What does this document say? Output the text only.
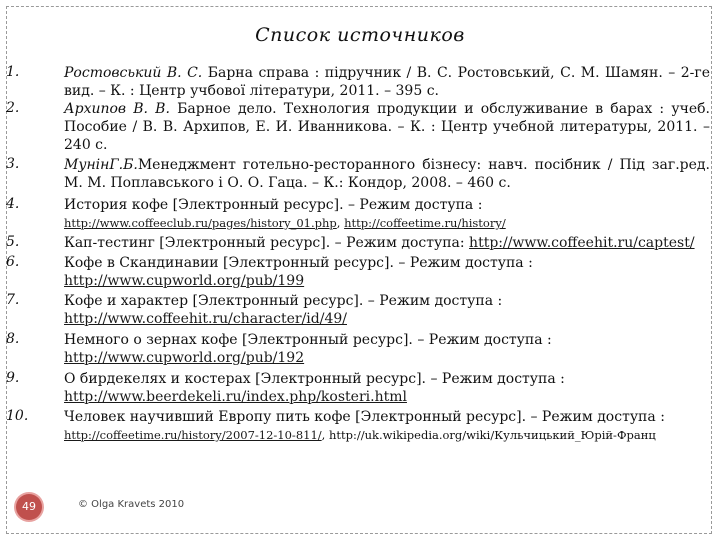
Список источников
1.	Ростовський В. С. Барна справа : підручник / В. С. Ростовський, С. М. Шамян. – 2-ге вид. – К. : Центр учбової літератури, 2011. – 395 с.
2.	Архипов В. В. Барное дело. Технология продукции и обслуживание в барах : учеб. Пособие / В. В. Архипов, Е. И. Иванникова. – К. : Центр учебной литературы, 2011. – 240 с.
3.	МунінГ.Б.Менеджмент готельно-ресторанного бізнесу: навч. посібник / Під заг.ред. М. М. Поплавського і О. О. Гаца. – К.: Кондор, 2008. – 460 с.
4.	История кофе [Электронный ресурс]. – Режим доступа :
http://www.coffeeclub.ru/pages/history_01.php, http://coffeetime.ru/history/
5.	Кап-тестинг [Электронный ресурс]. – Режим доступа: http://www.coffeehit.ru/captest/
6.	Кофе в Скандинавии [Электронный ресурс]. – Режим доступа :
http://www.cupworld.org/pub/199
7.	Кофе и характер [Электронный ресурс]. – Режим доступа :
http://www.coffeehit.ru/character/id/49/
8.	Немного о зернах кофе [Электронный ресурс]. – Режим доступа :
http://www.cupworld.org/pub/192
9.	О бирдекелях и костерах [Электронный ресурс]. – Режим доступа :
http://www.beerdekeli.ru/index.php/kosteri.html
10.	Человек научивший Европу пить кофе [Электронный ресурс]. – Режим доступа :
http://coffeetime.ru/history/2007-12-10-811/, http://uk.wikipedia.org/wiki/Кульчицький_Юрій-Франц
49	© Olga Kravets 2010
